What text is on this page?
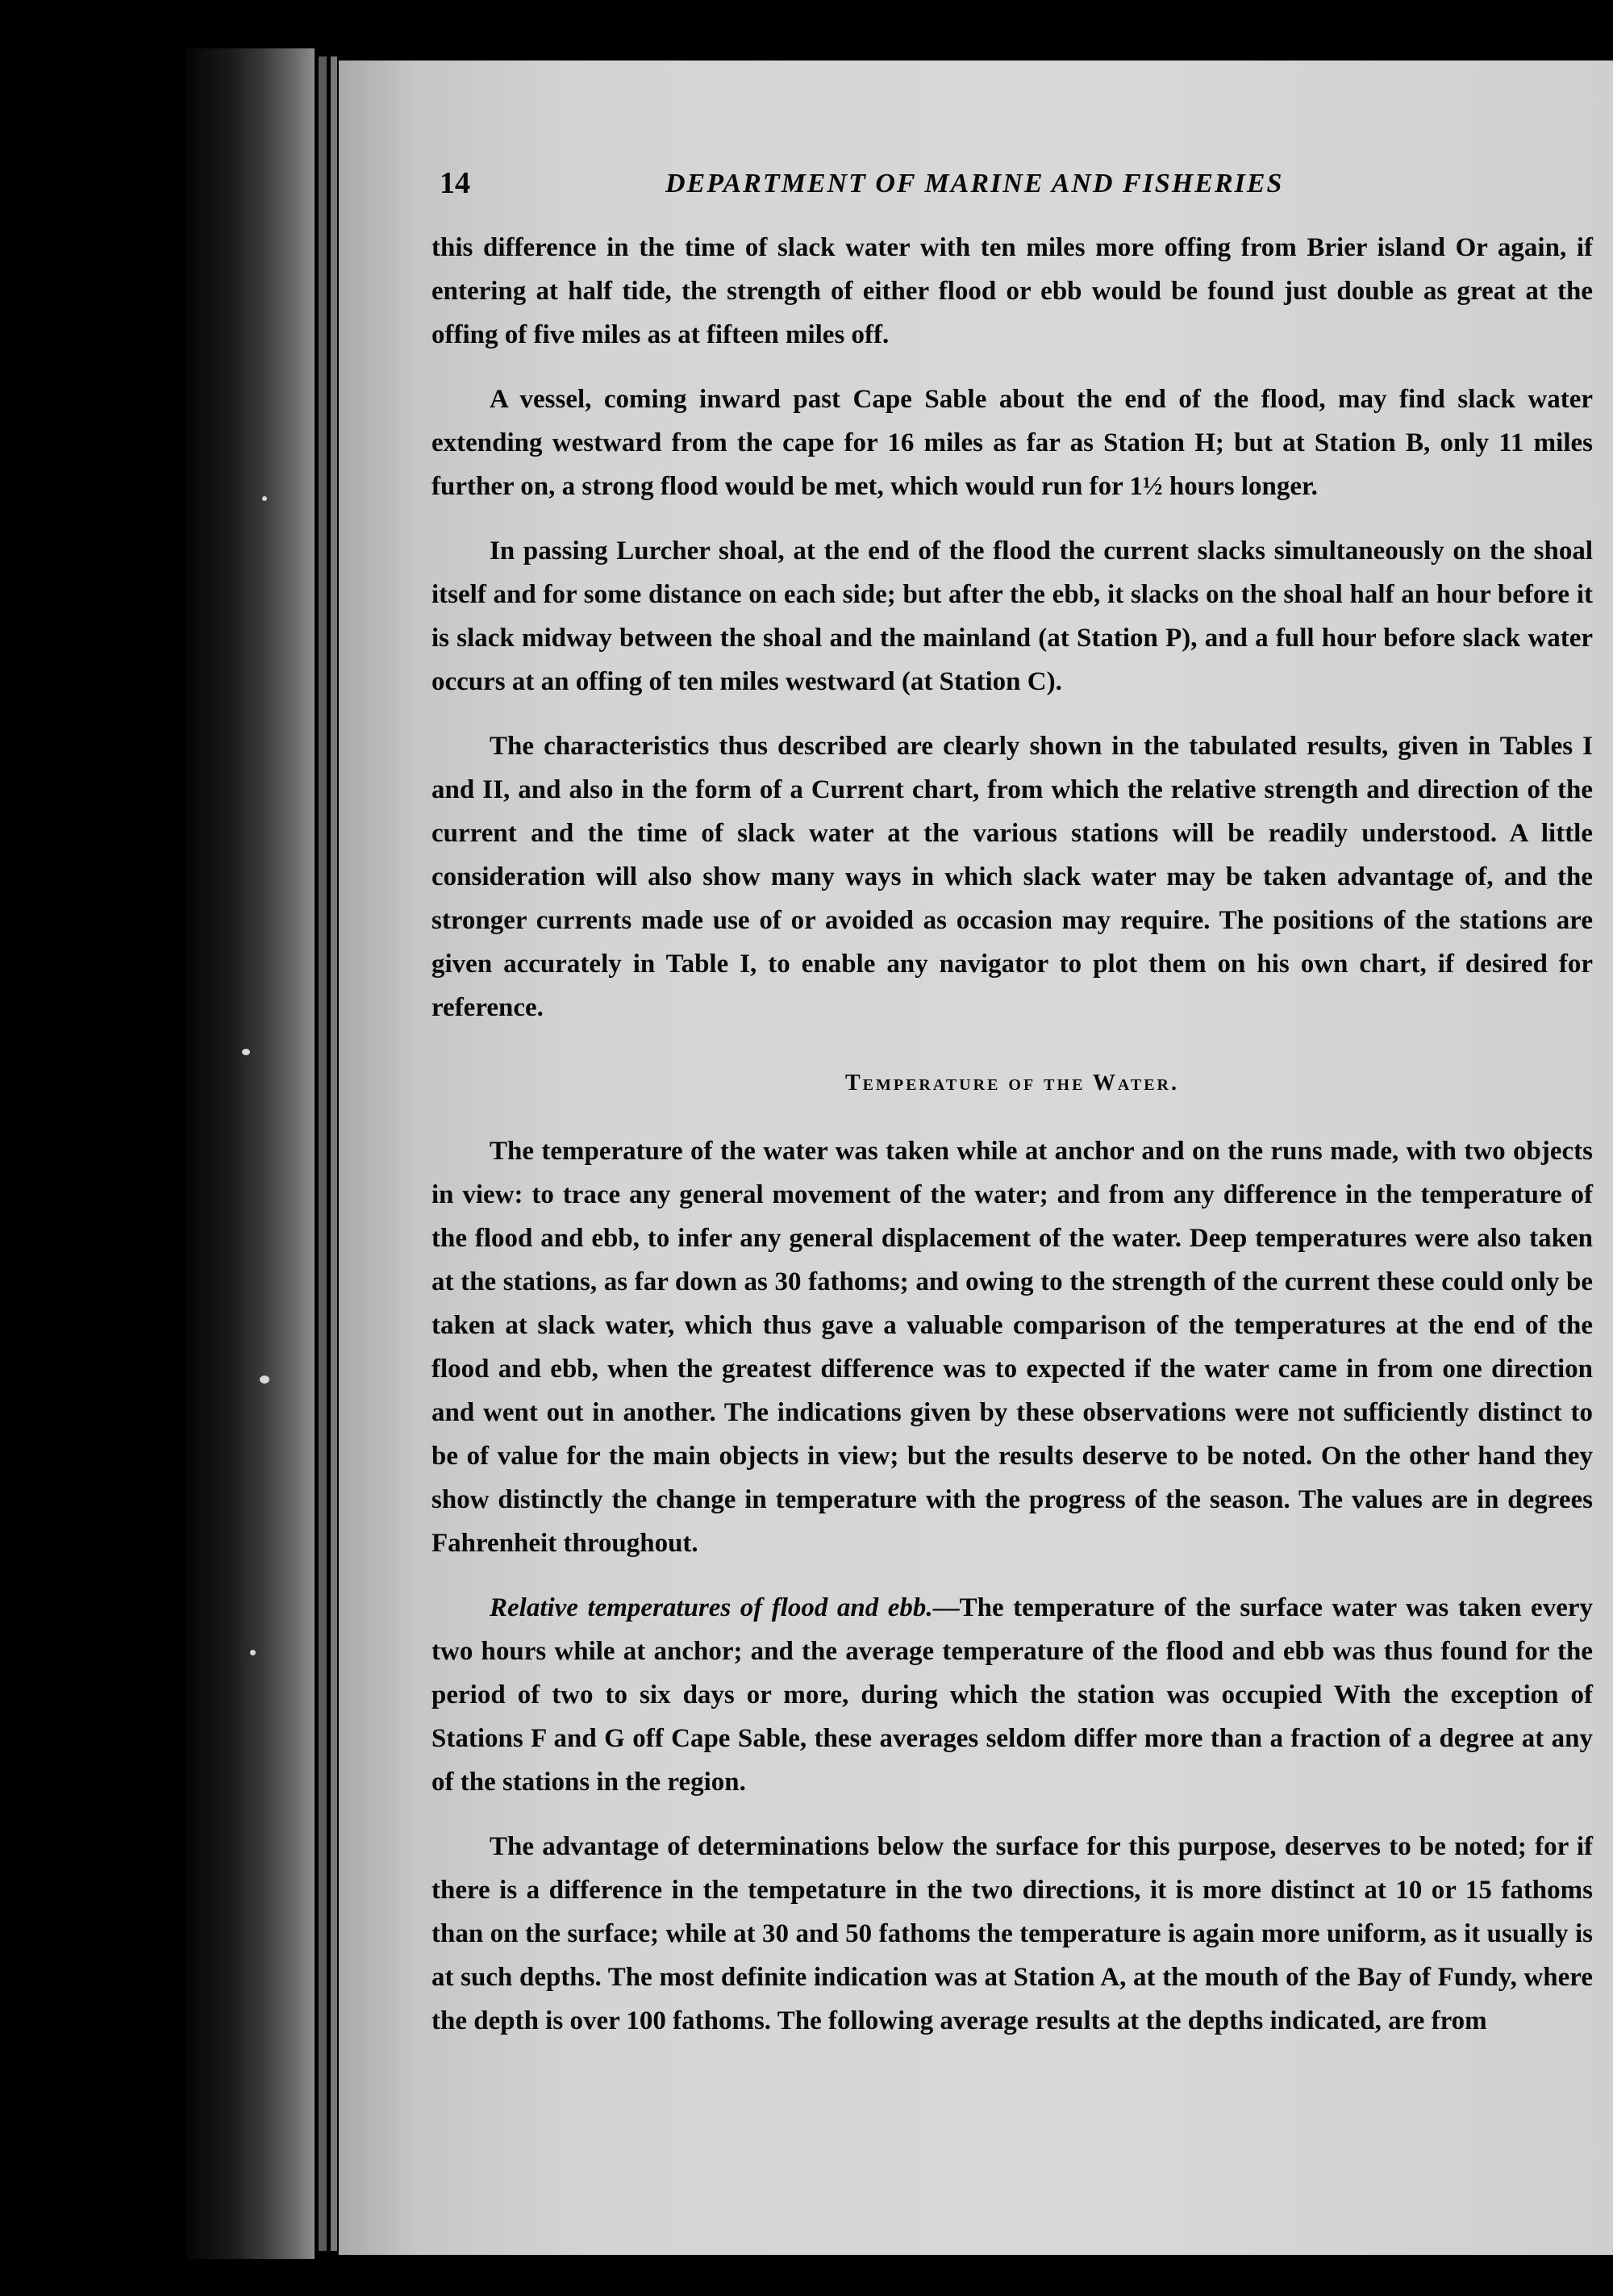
14	DEPARTMENT OF MARINE AND FISHERIES

this difference in the time of slack water with ten miles more offing from Brier island Or again, if entering at half tide, the strength of either flood or ebb would be found just double as great at the offing of five miles as at fifteen miles off.

A vessel, coming inward past Cape Sable about the end of the flood, may find slack water extending westward from the cape for 16 miles as far as Station H; but at Station B, only 11 miles further on, a strong flood would be met, which would run for 1½ hours longer.

In passing Lurcher shoal, at the end of the flood the current slacks simultaneously on the shoal itself and for some distance on each side; but after the ebb, it slacks on the shoal half an hour before it is slack midway between the shoal and the mainland (at Station P), and a full hour before slack water occurs at an offing of ten miles westward (at Station C).

The characteristics thus described are clearly shown in the tabulated results, given in Tables I and II, and also in the form of a Current chart, from which the relative strength and direction of the current and the time of slack water at the various stations will be readily understood. A little consideration will also show many ways in which slack water may be taken advantage of, and the stronger currents made use of or avoided as occasion may require. The positions of the stations are given accurately in Table I, to enable any navigator to plot them on his own chart, if desired for reference.

Temperature of the Water.

The temperature of the water was taken while at anchor and on the runs made, with two objects in view: to trace any general movement of the water; and from any difference in the temperature of the flood and ebb, to infer any general displacement of the water. Deep temperatures were also taken at the stations, as far down as 30 fathoms; and owing to the strength of the current these could only be taken at slack water, which thus gave a valuable comparison of the temperatures at the end of the flood and ebb, when the greatest difference was to expected if the water came in from one direction and went out in another. The indications given by these observations were not sufficiently distinct to be of value for the main objects in view; but the results deserve to be noted. On the other hand they show distinctly the change in temperature with the progress of the season. The values are in degrees Fahrenheit throughout.

Relative temperatures of flood and ebb.—The temperature of the surface water was taken every two hours while at anchor; and the average temperature of the flood and ebb was thus found for the period of two to six days or more, during which the station was occupied With the exception of Stations F and G off Cape Sable, these averages seldom differ more than a fraction of a degree at any of the stations in the region.

The advantage of determinations below the surface for this purpose, deserves to be noted; for if there is a difference in the tempetature in the two directions, it is more distinct at 10 or 15 fathoms than on the surface; while at 30 and 50 fathoms the temperature is again more uniform, as it usually is at such depths. The most definite indication was at Station A, at the mouth of the Bay of Fundy, where the depth is over 100 fathoms. The following average results at the depths indicated, are from
